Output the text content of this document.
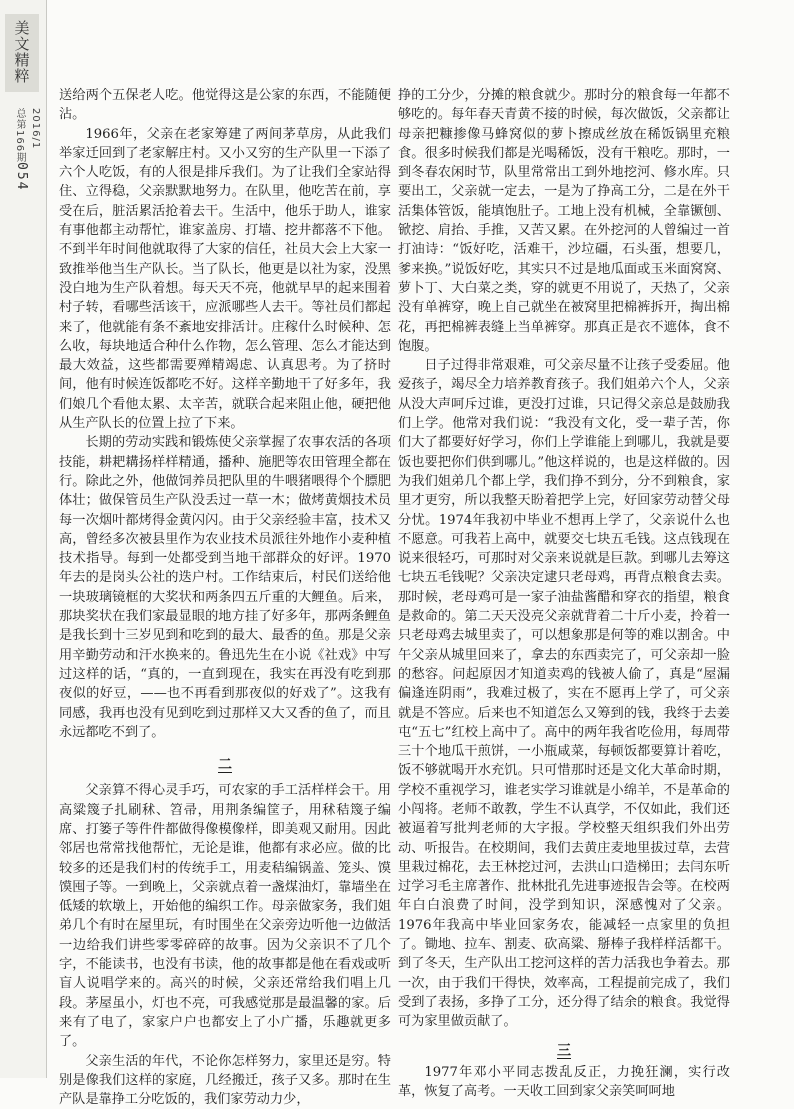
美文精粹
总第166期 2016/1
054

送给两个五保老人吃。他觉得这是公家的东西，不能随便沾。

1966年，父亲在老家筹建了两间茅草房，从此我们举家迁回到了老家解庄村。又小又穷的生产队里一下添了六个人吃饭，有的人很是排斥我们。为了让我们全家站得住、立得稳，父亲默默地努力。在队里，他吃苦在前，享受在后，脏活累活抢着去干。生活中，他乐于助人，谁家有事他都主动帮忙，谁家盖房、打墙、挖井都落不下他。不到半年时间他就取得了大家的信任，社员大会上大家一致推举他当生产队长。当了队长，他更是以社为家，没黑没白地为生产队着想。每天天不亮，他就早早的起来围着村子转，看哪些活该干，应派哪些人去干。等社员们都起来了，他就能有条不紊地安排活计。庄稼什么时候种、怎么收，每块地适合种什么作物，怎么管理、怎么才能达到最大效益，这些都需要殚精竭虑、认真思考。为了挤时间，他有时候连饭都吃不好。这样辛勤地干了好多年，我们娘几个看他太累、太辛苦，就联合起来阻止他，硬把他从生产队长的位置上拉了下来。

长期的劳动实践和锻炼使父亲掌握了农事农活的各项技能，耕耙耩扬样样精通，播种、施肥等农田管理全都在行。除此之外，他做饲养员把队里的牛喂猪喂得个个膘肥体壮；做保管员生产队没丢过一草一木；做烤黄烟技术员每一次烟叶都烤得金黄闪闪。由于父亲经验丰富，技术又高，曾经多次被县里作为农业技术员派往外地作小麦种植技术指导。每到一处都受到当地干部群众的好评。1970年去的是岗头公社的迭户村。工作结束后，村民们送给他一块玻璃镜框的大奖状和两条四五斤重的大鲤鱼。后来，那块奖状在我们家最显眼的地方挂了好多年，那两条鲤鱼是我长到十三岁见到和吃到的最大、最香的鱼。那是父亲用辛勤劳动和汗水换来的。鲁迅先生在小说《社戏》中写过这样的话，“真的，一直到现在，我实在再没有吃到那夜似的好豆，——也不再看到那夜似的好戏了”。这我有同感，我再也没有见到吃到过那样又大又香的鱼了，而且永远都吃不到了。

二

父亲算不得心灵手巧，可农家的手工活样样会干。用高粱篾子扎刷秫、笤帚，用荆条编筐子，用秫秸篾子编席、打篓子等件件都做得像模像样，即美观又耐用。因此邻居也常常找他帮忙，无论是谁，他都有求必应。做的比较多的还是我们村的传统手工，用麦秸编锅盖、笼头、馍馍囤子等。一到晚上，父亲就点着一盏煤油灯，靠墙坐在低矮的软墩上，开始他的编织工作。母亲做家务，我们姐弟几个有时在屋里玩，有时围坐在父亲旁边听他一边做活一边给我们讲些零零碎碎的故事。因为父亲识不了几个字，不能读书，也没有书读，他的故事都是他在看戏或听盲人说唱学来的。高兴的时候，父亲还常给我们唱上几段。茅屋虽小，灯也不亮，可我感觉那是最温馨的家。后来有了电了，家家户户也都安上了小广播，乐趣就更多了。

父亲生活的年代，不论你怎样努力，家里还是穷。特别是像我们这样的家庭，几经搬迁，孩子又多。那时在生产队是靠挣工分吃饭的，我们家劳动力少，

挣的工分少，分摊的粮食就少。那时分的粮食每一年都不够吃的。每年春天青黄不接的时候，每次做饭，父亲都让母亲把糠掺像马蜂窝似的萝卜擦成丝放在稀饭锅里充粮食。很多时候我们都是光喝稀饭，没有干粮吃。那时，一到冬春农闲时节，队里常常出工到外地挖河、修水库。只要出工，父亲就一定去，一是为了挣高工分，二是在外干活集体管饭，能填饱肚子。工地上没有机械，全靠镢刨、锨挖、肩抬、手推，又苦又累。在外挖河的人曾编过一首打油诗：“饭好吃，活难干，沙垃礓，石头蛋，想要几，爹来换。”说饭好吃，其实只不过是地瓜面或玉米面窝窝、萝卜丁、大白菜之类，穿的就更不用说了，天热了，父亲没有单裤穿，晚上自己就坐在被窝里把棉裤拆开，掏出棉花，再把棉裤表缝上当单裤穿。那真正是衣不遮体，食不饱腹。

日子过得非常艰难，可父亲尽量不让孩子受委屈。他爱孩子，竭尽全力培养教育孩子。我们姐弟六个人，父亲从没大声呵斥过谁，更没打过谁，只记得父亲总是鼓励我们上学。他常对我们说：“我没有文化，受一辈子苦，你们大了都要好好学习，你们上学谁能上到哪儿，我就是要饭也要把你们供到哪儿。”他这样说的，也是这样做的。因为我们姐弟几个都上学，我们挣不到分，分不到粮食，家里才更穷，所以我整天盼着把学上完，好回家劳动替父母分忧。1974年我初中毕业不想再上学了，父亲说什么也不愿意。可我若上高中，就要交七块五毛钱。这点钱现在说来很轻巧，可那时对父亲来说就是巨款。到哪儿去筹这七块五毛钱呢？父亲决定逮只老母鸡，再背点粮食去卖。那时候，老母鸡可是一家子油盐酱醋和穿衣的指望，粮食是救命的。第二天天没亮父亲就背着二十斤小麦，拎着一只老母鸡去城里卖了，可以想象那是何等的难以割舍。中午父亲从城里回来了，拿去的东西卖完了，可父亲却一脸的愁容。问起原因才知道卖鸡的钱被人偷了，真是“屋漏偏逢连阴雨”，我难过极了，实在不愿再上学了，可父亲就是不答应。后来也不知道怎么又筹到的钱，我终于去姜屯“五七”红校上高中了。高中的两年我省吃俭用，每周带三十个地瓜干煎饼，一小瓶咸菜，每顿饭都要算计着吃，饭不够就喝开水充饥。只可惜那时还是文化大革命时期，学校不重视学习，谁老实学习谁就是小绵羊，不是革命的小闯将。老师不敢教，学生不认真学，不仅如此，我们还被逼着写批判老师的大字报。学校整天组织我们外出劳动、听报告。在校期间，我们去黄庄麦地里拔过草，去营里栽过棉花，去王林挖过河，去洪山口造梯田；去闫东听过学习毛主席著作、批林批孔先进事迹报告会等。在校两年白白浪费了时间，没学到知识，深感愧对了父亲。1976年我高中毕业回家务农，能减轻一点家里的负担了。锄地、拉车、割麦、砍高粱、掰棒子我样样活都干。到了冬天，生产队出工挖河这样的苦力活我也争着去。那一次，由于我们干得快，效率高，工程提前完成了，我们受到了表扬，多挣了工分，还分得了结余的粮食。我觉得可为家里做贡献了。

三

1977年邓小平同志拨乱反正，力挽狂澜，实行改革，恢复了高考。一天收工回到家父亲笑呵呵地
